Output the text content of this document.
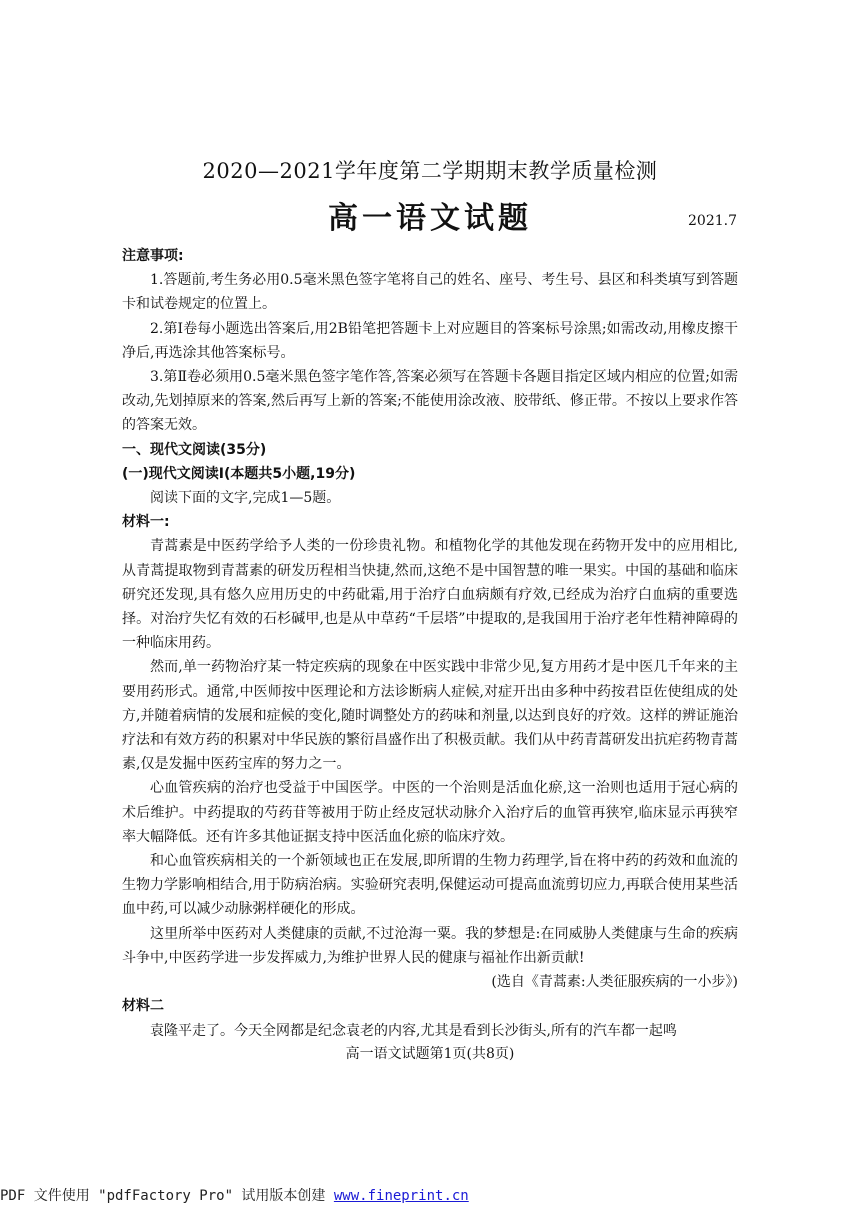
2020—2021学年度第二学期期末教学质量检测
高一语文试题	2021.7

注意事项:

1.答题前,考生务必用0.5毫米黑色签字笔将自己的姓名、座号、考生号、县区和科类填写到答题卡和试卷规定的位置上。

2.第Ⅰ卷每小题选出答案后,用2B铅笔把答题卡上对应题目的答案标号涂黑;如需改动,用橡皮擦干净后,再选涂其他答案标号。

3.第Ⅱ卷必须用0.5毫米黑色签字笔作答,答案必须写在答题卡各题目指定区域内相应的位置;如需改动,先划掉原来的答案,然后再写上新的答案;不能使用涂改液、胶带纸、修正带。不按以上要求作答的答案无效。

一、现代文阅读(35分)

(一)现代文阅读Ⅰ(本题共5小题,19分)

阅读下面的文字,完成1—5题。

材料一:

青蒿素是中医药学给予人类的一份珍贵礼物。和植物化学的其他发现在药物开发中的应用相比,从青蒿提取物到青蒿素的研发历程相当快捷,然而,这绝不是中国智慧的唯一果实。中国的基础和临床研究还发现,具有悠久应用历史的中药砒霜,用于治疗白血病颇有疗效,已经成为治疗白血病的重要选择。对治疗失忆有效的石杉碱甲,也是从中草药“千层塔”中提取的,是我国用于治疗老年性精神障碍的一种临床用药。

然而,单一药物治疗某一特定疾病的现象在中医实践中非常少见,复方用药才是中医几千年来的主要用药形式。通常,中医师按中医理论和方法诊断病人症候,对症开出由多种中药按君臣佐使组成的处方,并随着病情的发展和症候的变化,随时调整处方的药味和剂量,以达到良好的疗效。这样的辨证施治疗法和有效方药的积累对中华民族的繁衍昌盛作出了积极贡献。我们从中药青蒿研发出抗疟药物青蒿素,仅是发掘中医药宝库的努力之一。

心血管疾病的治疗也受益于中国医学。中医的一个治则是活血化瘀,这一治则也适用于冠心病的术后维护。中药提取的芍药苷等被用于防止经皮冠状动脉介入治疗后的血管再狭窄,临床显示再狭窄率大幅降低。还有许多其他证据支持中医活血化瘀的临床疗效。

和心血管疾病相关的一个新领域也正在发展,即所谓的生物力药理学,旨在将中药的药效和血流的生物力学影响相结合,用于防病治病。实验研究表明,保健运动可提高血流剪切应力,再联合使用某些活血中药,可以减少动脉粥样硬化的形成。

这里所举中医药对人类健康的贡献,不过沧海一粟。我的梦想是:在同威胁人类健康与生命的疾病斗争中,中医药学进一步发挥威力,为维护世界人民的健康与福祉作出新贡献!

(选自《青蒿素:人类征服疾病的一小步》)

材料二

袁隆平走了。今天全网都是纪念袁老的内容,尤其是看到长沙街头,所有的汽车都一起鸣

高一语文试题第1页(共8页)
PDF 文件使用 "pdfFactory Pro" 试用版本创建 www.fineprint.cn
